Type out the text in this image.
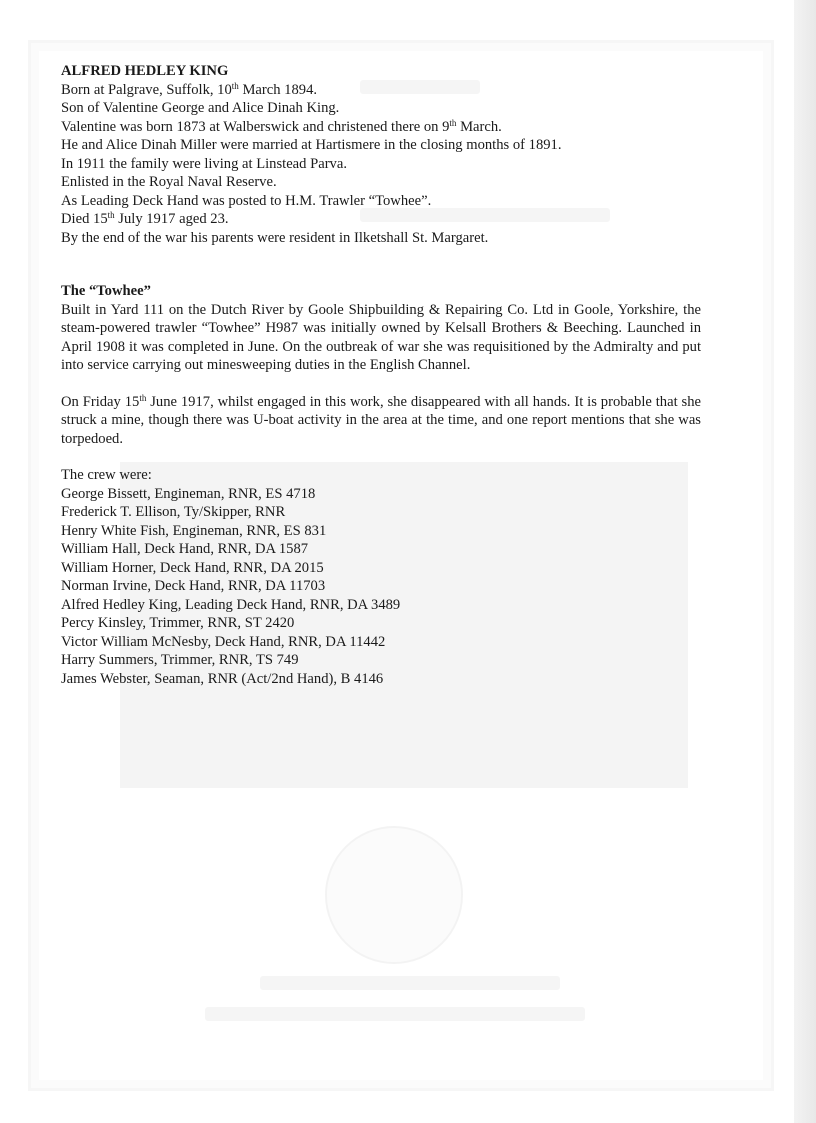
ALFRED HEDLEY KING

Born at Palgrave, Suffolk, 10th March 1894.

Son of Valentine George and Alice Dinah King.

Valentine was born 1873 at Walberswick and christened there on 9th March.

He and Alice Dinah Miller were married at Hartismere in the closing months of 1891.

In 1911 the family were living at Linstead Parva.

Enlisted in the Royal Naval Reserve.

As Leading Deck Hand was posted to H.M. Trawler “Towhee”.

Died 15th July 1917 aged 23.

By the end of the war his parents were resident in Ilketshall St. Margaret.

The “Towhee”

Built in Yard 111 on the Dutch River by Goole Shipbuilding & Repairing Co. Ltd in Goole, Yorkshire, the steam-powered trawler “Towhee” H987 was initially owned by Kelsall Brothers & Beeching. Launched in April 1908 it was completed in June. On the outbreak of war she was requisitioned by the Admiralty and put into service carrying out minesweeping duties in the English Channel.

On Friday 15th June 1917, whilst engaged in this work, she disappeared with all hands. It is probable that she struck a mine, though there was U-boat activity in the area at the time, and one report mentions that she was torpedoed.

The crew were:

George Bissett, Engineman, RNR, ES 4718

Frederick T. Ellison, Ty/Skipper, RNR

Henry White Fish, Engineman, RNR, ES 831

William Hall, Deck Hand, RNR, DA 1587

William Horner, Deck Hand, RNR, DA 2015

Norman Irvine, Deck Hand, RNR, DA 11703

Alfred Hedley King, Leading Deck Hand, RNR, DA 3489

Percy Kinsley, Trimmer, RNR, ST 2420

Victor William McNesby, Deck Hand, RNR, DA 11442

Harry Summers, Trimmer, RNR, TS 749

James Webster, Seaman, RNR (Act/2nd Hand), B 4146
